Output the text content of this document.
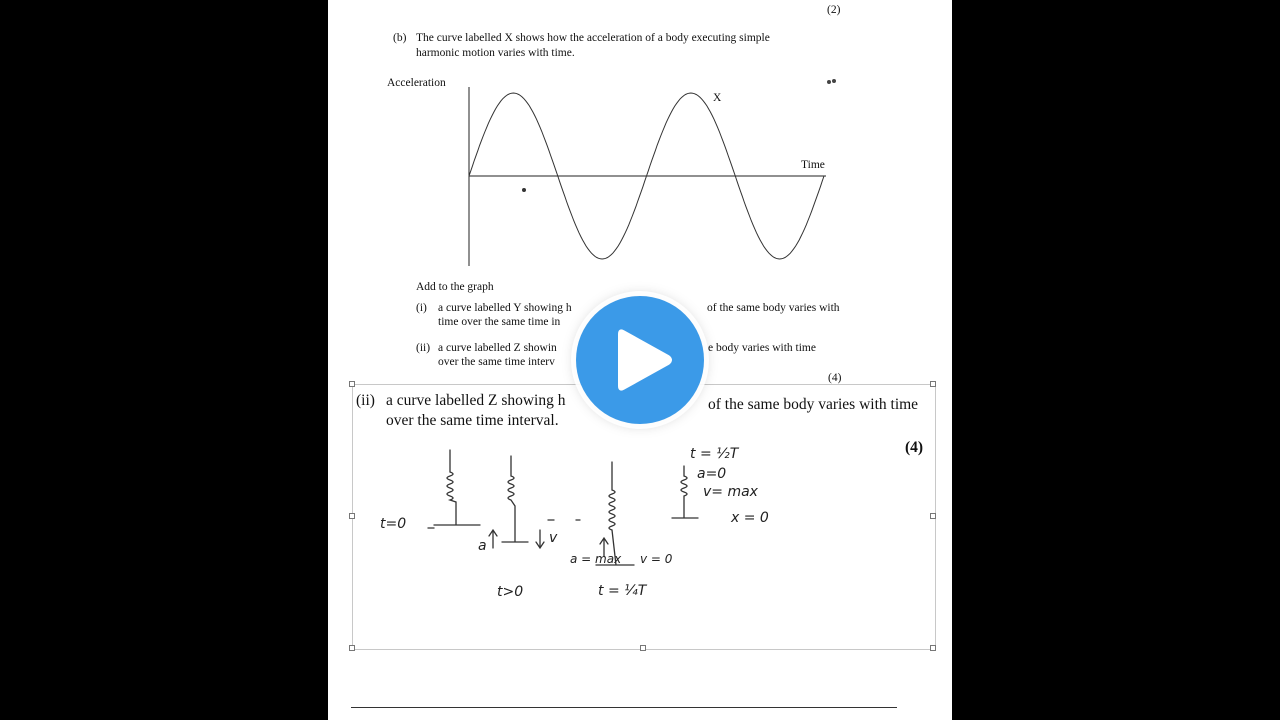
(2)
(b) The curve labelled X shows how the acceleration of a body executing simple
harmonic motion varies with time.
Acceleration
Time
X
Add to the graph
(i) a curve labelled Y showing h	of the same body varies with
time over the same time in
(ii) a curve labelled Z showin	e body varies with time
over the same time interv
(4)
(ii) a curve labelled Z showing h	of the same body varies with time
over the same time interval.
(4)
t=0
a	v
a = max v = 0
t>0	t = ¼T
t = ½T
a=0
v= max
x = 0
